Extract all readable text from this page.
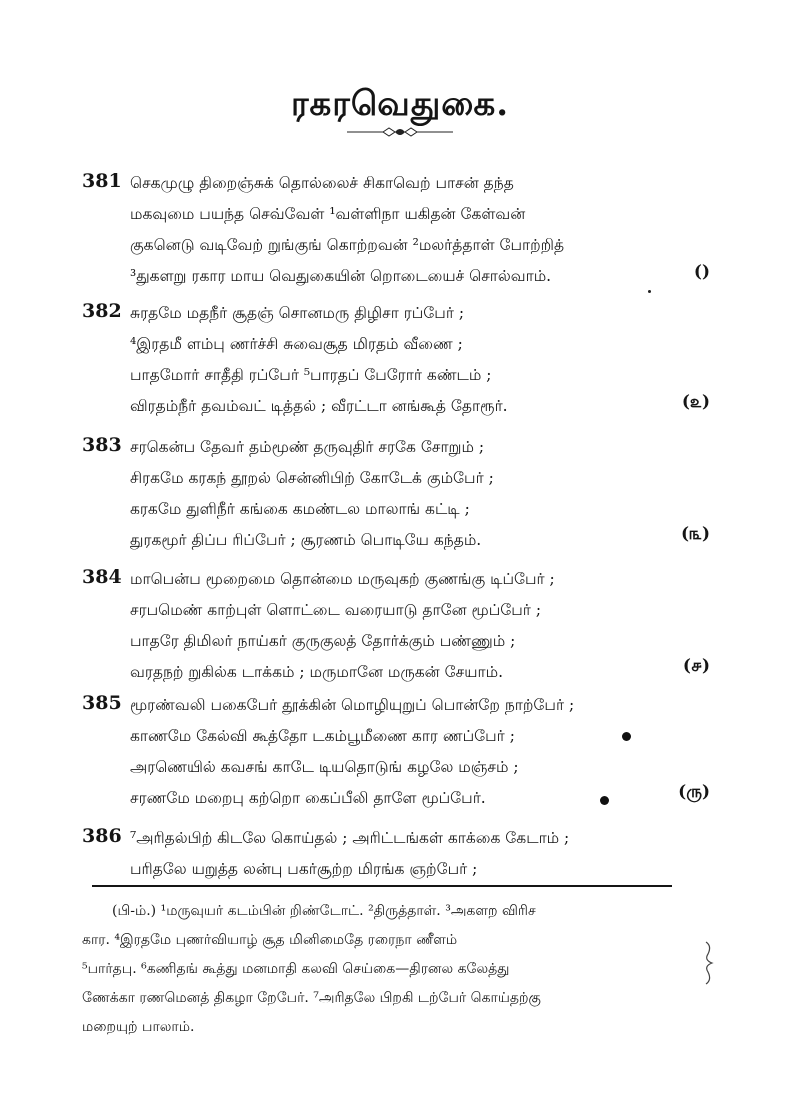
ரகரவெதுகை.
381 செகமுழு திறைஞ்சுக் தொல்லைச் சிகாவெற் பாசன் தந்த
மகவுமை பயந்த செவ்வேள் ¹வள்ளிநா யகிதன் கேள்வன்
குகனெடு வடிவேற் றுங்குங் கொற்றவன் ²மலர்த்தாள் போற்றித்
³துகளறு ரகார மாய வெதுகையின் றொடையைச் சொல்வாம்.	()
382 சுரதமே மதநீர் சூதஞ் சொனமரு திழிசா ரப்பேர் ;
⁴இரதமீ ளம்பு ணர்ச்சி சுவைசூத மிரதம் வீணை ;
பாதமோர் சாதீதி ரப்பேர் ⁵பாரதப் பேரோர் கண்டம் ;
விரதம்நீர் தவம்வட் டித்தல் ; வீரட்டா னங்கூத் தோரூர்.	(௨)
383 சரகென்ப தேவர் தம்மூண் தருவுதிர் சரகே சோறும் ;
சிரகமே கரகந் தூறல் சென்னிபிற் கோடேக் கும்பேர் ;
கரகமே துளிநீர் கங்கை கமண்டல மாலாங் கட்டி ;
துரகமூர் திப்ப ரிப்பேர் ; சூரணம் பொடியே கந்தம்.	(௩)
384 மாபென்ப மூறைமை தொன்மை மருவுகற் குணங்கு டிப்பேர் ;
சரபமெண் காற்புள் ளொட்டை வரையாடு தானே மூப்பேர் ;
பாதரே திமிலர் நாய்கர் குருகுலத் தோர்க்கும் பண்ணும் ;
வரதநற் றுகில்க டாக்கம் ; மருமானே மருகன் சேயாம்.	(௪)
385 மூரண்வலி பகைபேர் தூக்கின் மொழியுறுப் பொன்றே நாற்பேர் ;
காணமே கேல்வி கூத்தோ டகம்பூமீணை கார ணப்பேர் ;
அரணெயில் கவசங் காடே டியதொடுங் கழலே மஞ்சம் ;
சரணமே மறைபு கற்றொ கைப்பீலி தாளே மூப்பேர்.	(ரு)
386 ⁷அரிதல்பிற் கிடலே கொய்தல் ; அரிட்டங்கள் காக்கை கேடாம் ;
பரிதலே யறுத்த லன்பு பகர்சூற்ற மிரங்க ஞற்பேர் ;
(பி-ம்.) ¹மருவுயர் கடம்பின் றிண்டோட். ²திருத்தாள். ³அகளற விரிச
கார. ⁴இரதமே புணர்வியாழ் சூத மினிமைதே ரரைநா ணீளம்
⁵பார்தபு. ⁶கணிதங் கூத்து மனமாதி கலவி செய்கை—திரனல கலேத்து
ணேக்கா ரணமெனத் திகழா றேபேர். ⁷அரிதலே பிறகி டற்பேர் கொய்தற்கு
மறையுற் பாலாம்.
